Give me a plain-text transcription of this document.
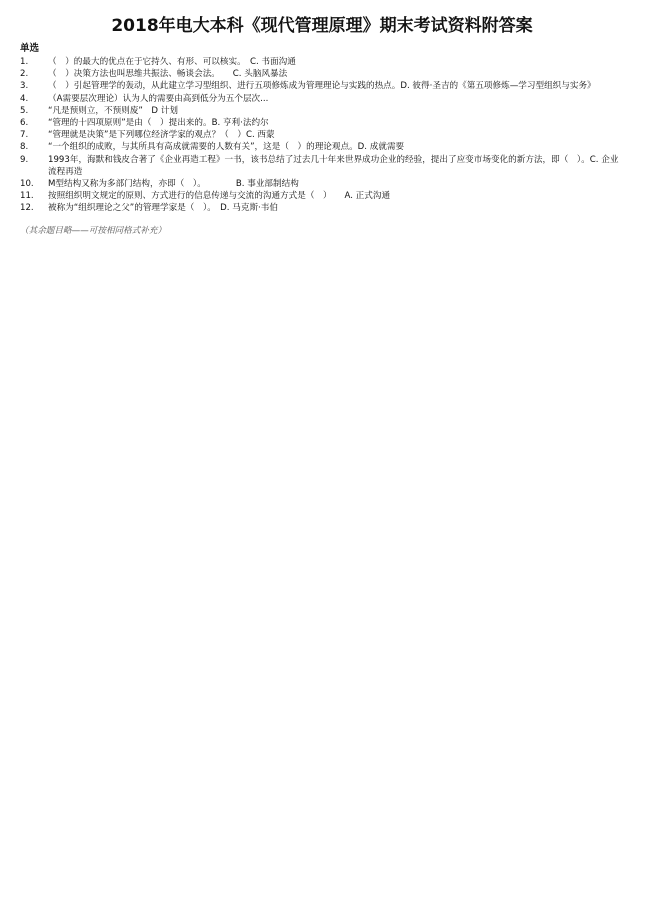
2018年电大本科《现代管理原理》期末考试资料附答案
单选
1.	（　）的最大的优点在于它持久、有形、可以核实。　C. 书面沟通
2.	（　）决策方法也叫思维共振法、畅谈会法。　　C. 头脑风暴法
3.	（　）引起管理学的轰动，从此建立学习型组织、进行五项修炼成为管理理论与实践的热点。D. 彼得·圣吉的《第五项修炼—学习型组织与实务》
4.	（A需要层次理论）认为人的需要由高到低分为五个层次...
5.	“凡是预则立，不预则废”　D 计划
6.	“管理的十四项原则”是由（　）提出来的。B. 亨利·法约尔
7.	“管理就是决策”是下列哪位经济学家的观点？（　）C. 西蒙
8.	“一个组织的成败，与其所具有高成就需要的人数有关”，这是（　）的理论观点。D. 成就需要
9.	1993年，海默和钱皮合著了《企业再造工程》一书，该书总结了过去几十年来世界成功企业的经验，提出了应变市场变化的新方法，即（　）。C. 企业流程再造
10.	M型结构又称为多部门结构，亦即（　）。　　　　B. 事业部制结构
11.	按照组织明文规定的原则、方式进行的信息传递与交流的沟通方式是（　）　　A. 正式沟通
12.	被称为“组织理论之父”的管理学家是（　）。　D. 马克斯·韦伯
（其余题目略——可按相同格式补充）
